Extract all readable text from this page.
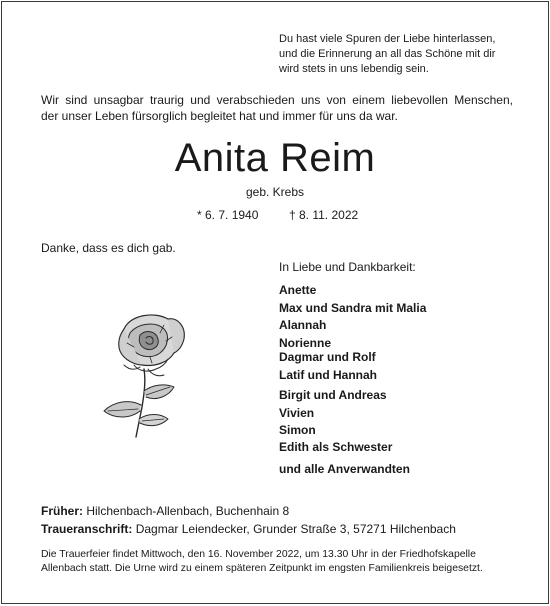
Du hast viele Spuren der Liebe hinterlassen,
und die Erinnerung an all das Schöne mit dir
wird stets in uns lebendig sein.
Wir sind unsagbar traurig und verabschieden uns von einem liebevollen Menschen,
der unser Leben fürsorglich begleitet hat und immer für uns da war.
Anita Reim
geb. Krebs
* 6. 7. 1940	† 8. 11. 2022
Danke, dass es dich gab.
In Liebe und Dankbarkeit:
Anette
Max und Sandra mit Malia
Alannah
Norienne
Dagmar und Rolf
Latif und Hannah
Birgit und Andreas
Vivien
Simon
Edith als Schwester
und alle Anverwandten
Früher: Hilchenbach-Allenbach, Buchenhain 8
Traueranschrift: Dagmar Leiendecker, Grunder Straße 3, 57271 Hilchenbach
Die Trauerfeier findet Mittwoch, den 16. November 2022, um 13.30 Uhr in der Friedhofskapelle
Allenbach statt. Die Urne wird zu einem späteren Zeitpunkt im engsten Familienkreis beigesetzt.
